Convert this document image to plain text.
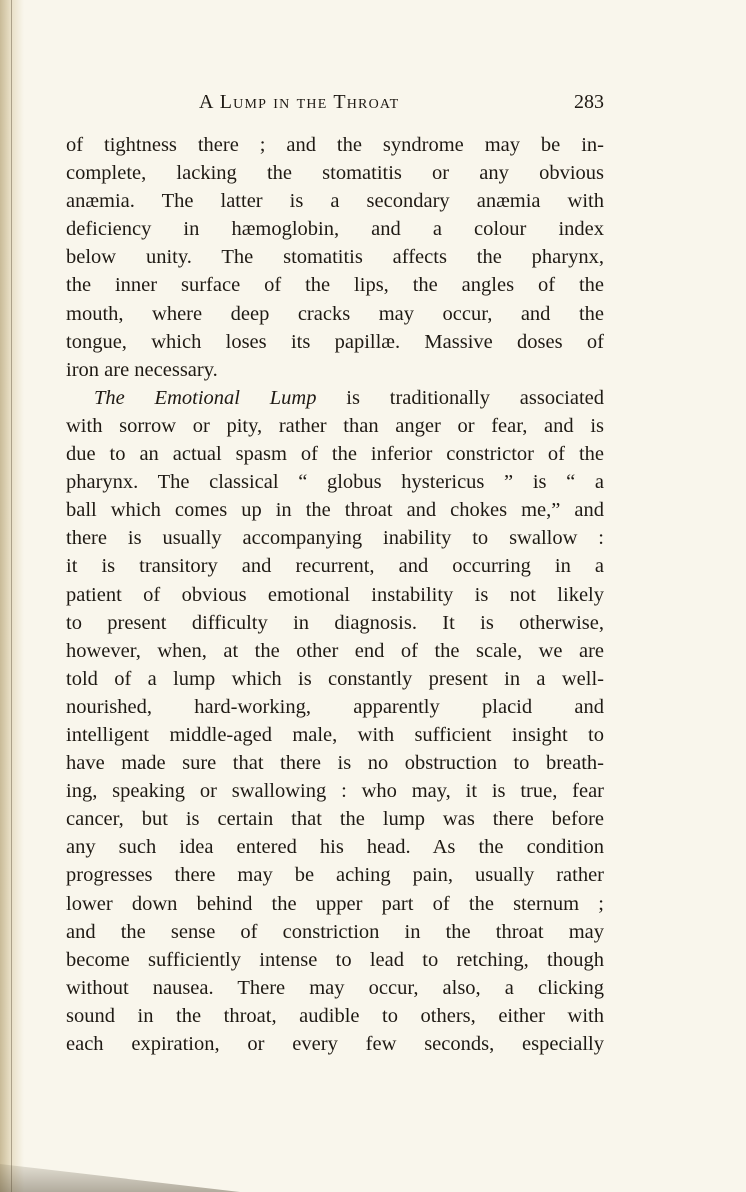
A Lump in the Throat	283
of tightness there ; and the syndrome may be in-
complete, lacking the stomatitis or any obvious
anæmia. The latter is a secondary anæmia with
deficiency in hæmoglobin, and a colour index
below unity. The stomatitis affects the pharynx,
the inner surface of the lips, the angles of the
mouth, where deep cracks may occur, and the
tongue, which loses its papillæ. Massive doses of
iron are necessary.
The Emotional Lump is traditionally associated
with sorrow or pity, rather than anger or fear, and is
due to an actual spasm of the inferior constrictor of the
pharynx. The classical “ globus hystericus ” is “ a
ball which comes up in the throat and chokes me,” and
there is usually accompanying inability to swallow :
it is transitory and recurrent, and occurring in a
patient of obvious emotional instability is not likely
to present difficulty in diagnosis. It is otherwise,
however, when, at the other end of the scale, we are
told of a lump which is constantly present in a well-
nourished, hard-working, apparently placid and
intelligent middle-aged male, with sufficient insight to
have made sure that there is no obstruction to breath-
ing, speaking or swallowing : who may, it is true, fear
cancer, but is certain that the lump was there before
any such idea entered his head. As the condition
progresses there may be aching pain, usually rather
lower down behind the upper part of the sternum ;
and the sense of constriction in the throat may
become sufficiently intense to lead to retching, though
without nausea. There may occur, also, a clicking
sound in the throat, audible to others, either with
each expiration, or every few seconds, especially
